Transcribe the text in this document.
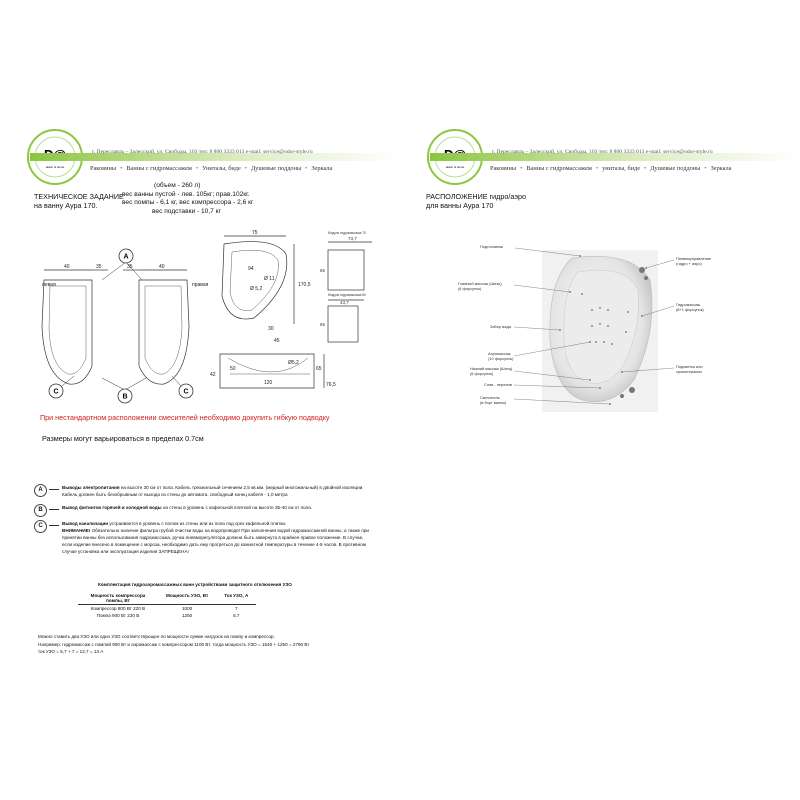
dekor & stone
г. Переславль – Залесский, ул. Свободы, 103 тел: 8 800 3333 013 e-mail: service@odor-style.ru
Раковины • Ванны с гидромассажем • Унитазы, биде • Душевые поддоны • Зеркала
ТЕХНИЧЕСКОЕ ЗАДАНИЕ
на ванну Аура 170.
(объем - 260 л)
вес ванны пустой - лев. 105кг; прав.102кг.
вес помпы - 6,1 кг, вес компрессора - 2,6 кг
вес подставки - 10,7 кг
левая	правая
40	35	35	40
75
94
170,5
Ø 5,2
Ø 11
30
45
120
50
Ø5,2
42
65
76,5
Модуль гидромассажа 70
Модуль гидромассажа 60
73,7
65
43,7
65
A
B
C	C
При нестандартном расположении смесителей необходимо докупить гибкую подводку
Размеры могут варьироваться в пределах 0.7см
A	Выводы электропитания на высоте 30 см от пола. Кабель трехжильный сечением 2,5 кв.мм. (медный многожильный) в двойной изоляции. Кабель должен быть безобрывным от выхода из стены до автомата, свободный конец кабеля - 1,0 метра
B	Вывод фитингов горячей и холодной воды на стены в уровень с кафельной плиткой на высоте 35-40 см от пола.
C	Вывод канализации устраивается в уровень с полом из стены или из пола под срез кафельной плитки.
ВНИМАНИЕ! Обязательно наличие фильтра грубой очистки воды на водопроводе! При заполнении водой гидромассажной ванны, а также при принятии ванны без использования гидромассажа, ручка пневморегулятора должна быть завернута в крайнее правое положение. В случае, если изделие внесено в помещение с мороза, необходимо дать ему прогреться до комнатной температуры в течение 4-5 часов. В противном случае установка или эксплуатация изделия ЗАПРЕЩЕНА!
Комплектация гидроаэромассажных ванн устройствами защитного отключения УЗО
Мощность компрессора помпы, Вт	Мощность УЗО, Вт	Ток УЗО, А
Компрессор 800 Вт 220 В	1000	7
Помпа 900 Вт 220 В	1250	5.7
Можно ставить два УЗО или одно УЗО соответствующее по мощности сумме нагрузок на помпу и компрессор.
Например: гидромассаж с помпой 900 Вт и аэромассаж с компрессором 1100 Вт. тогда мощность УЗО = 1540 + 1250 = 2790 Вт
ток УЗО = 5,7 + 7 = 12,7 = 13 А
dekor & stone
г. Переславль – Залесский, ул. Свободы, 103 тел: 8 800 3333 013 e-mail: service@odor-style.ru
Раковины • Ванны с гидромассажем • унитазы, биде • Душевые поддоны • Зеркала
РАСПОЛОЖЕНИЕ гидро/аэро
для ванны Аура 170
Подголовник
Главный массаж (Шиэц)
(6 форсунок)
Забор воды
Аэромассаж
(10 форсунок)
Нижний массаж (Шиэц)
(6 форсунок)
Слив - перелив
Смеситель
(в борт ванны)
Пневмоуправление
(гидро + аэро)
Гидромассаж
(8+1 форсунок)
Подсветка или
хромотерапия
